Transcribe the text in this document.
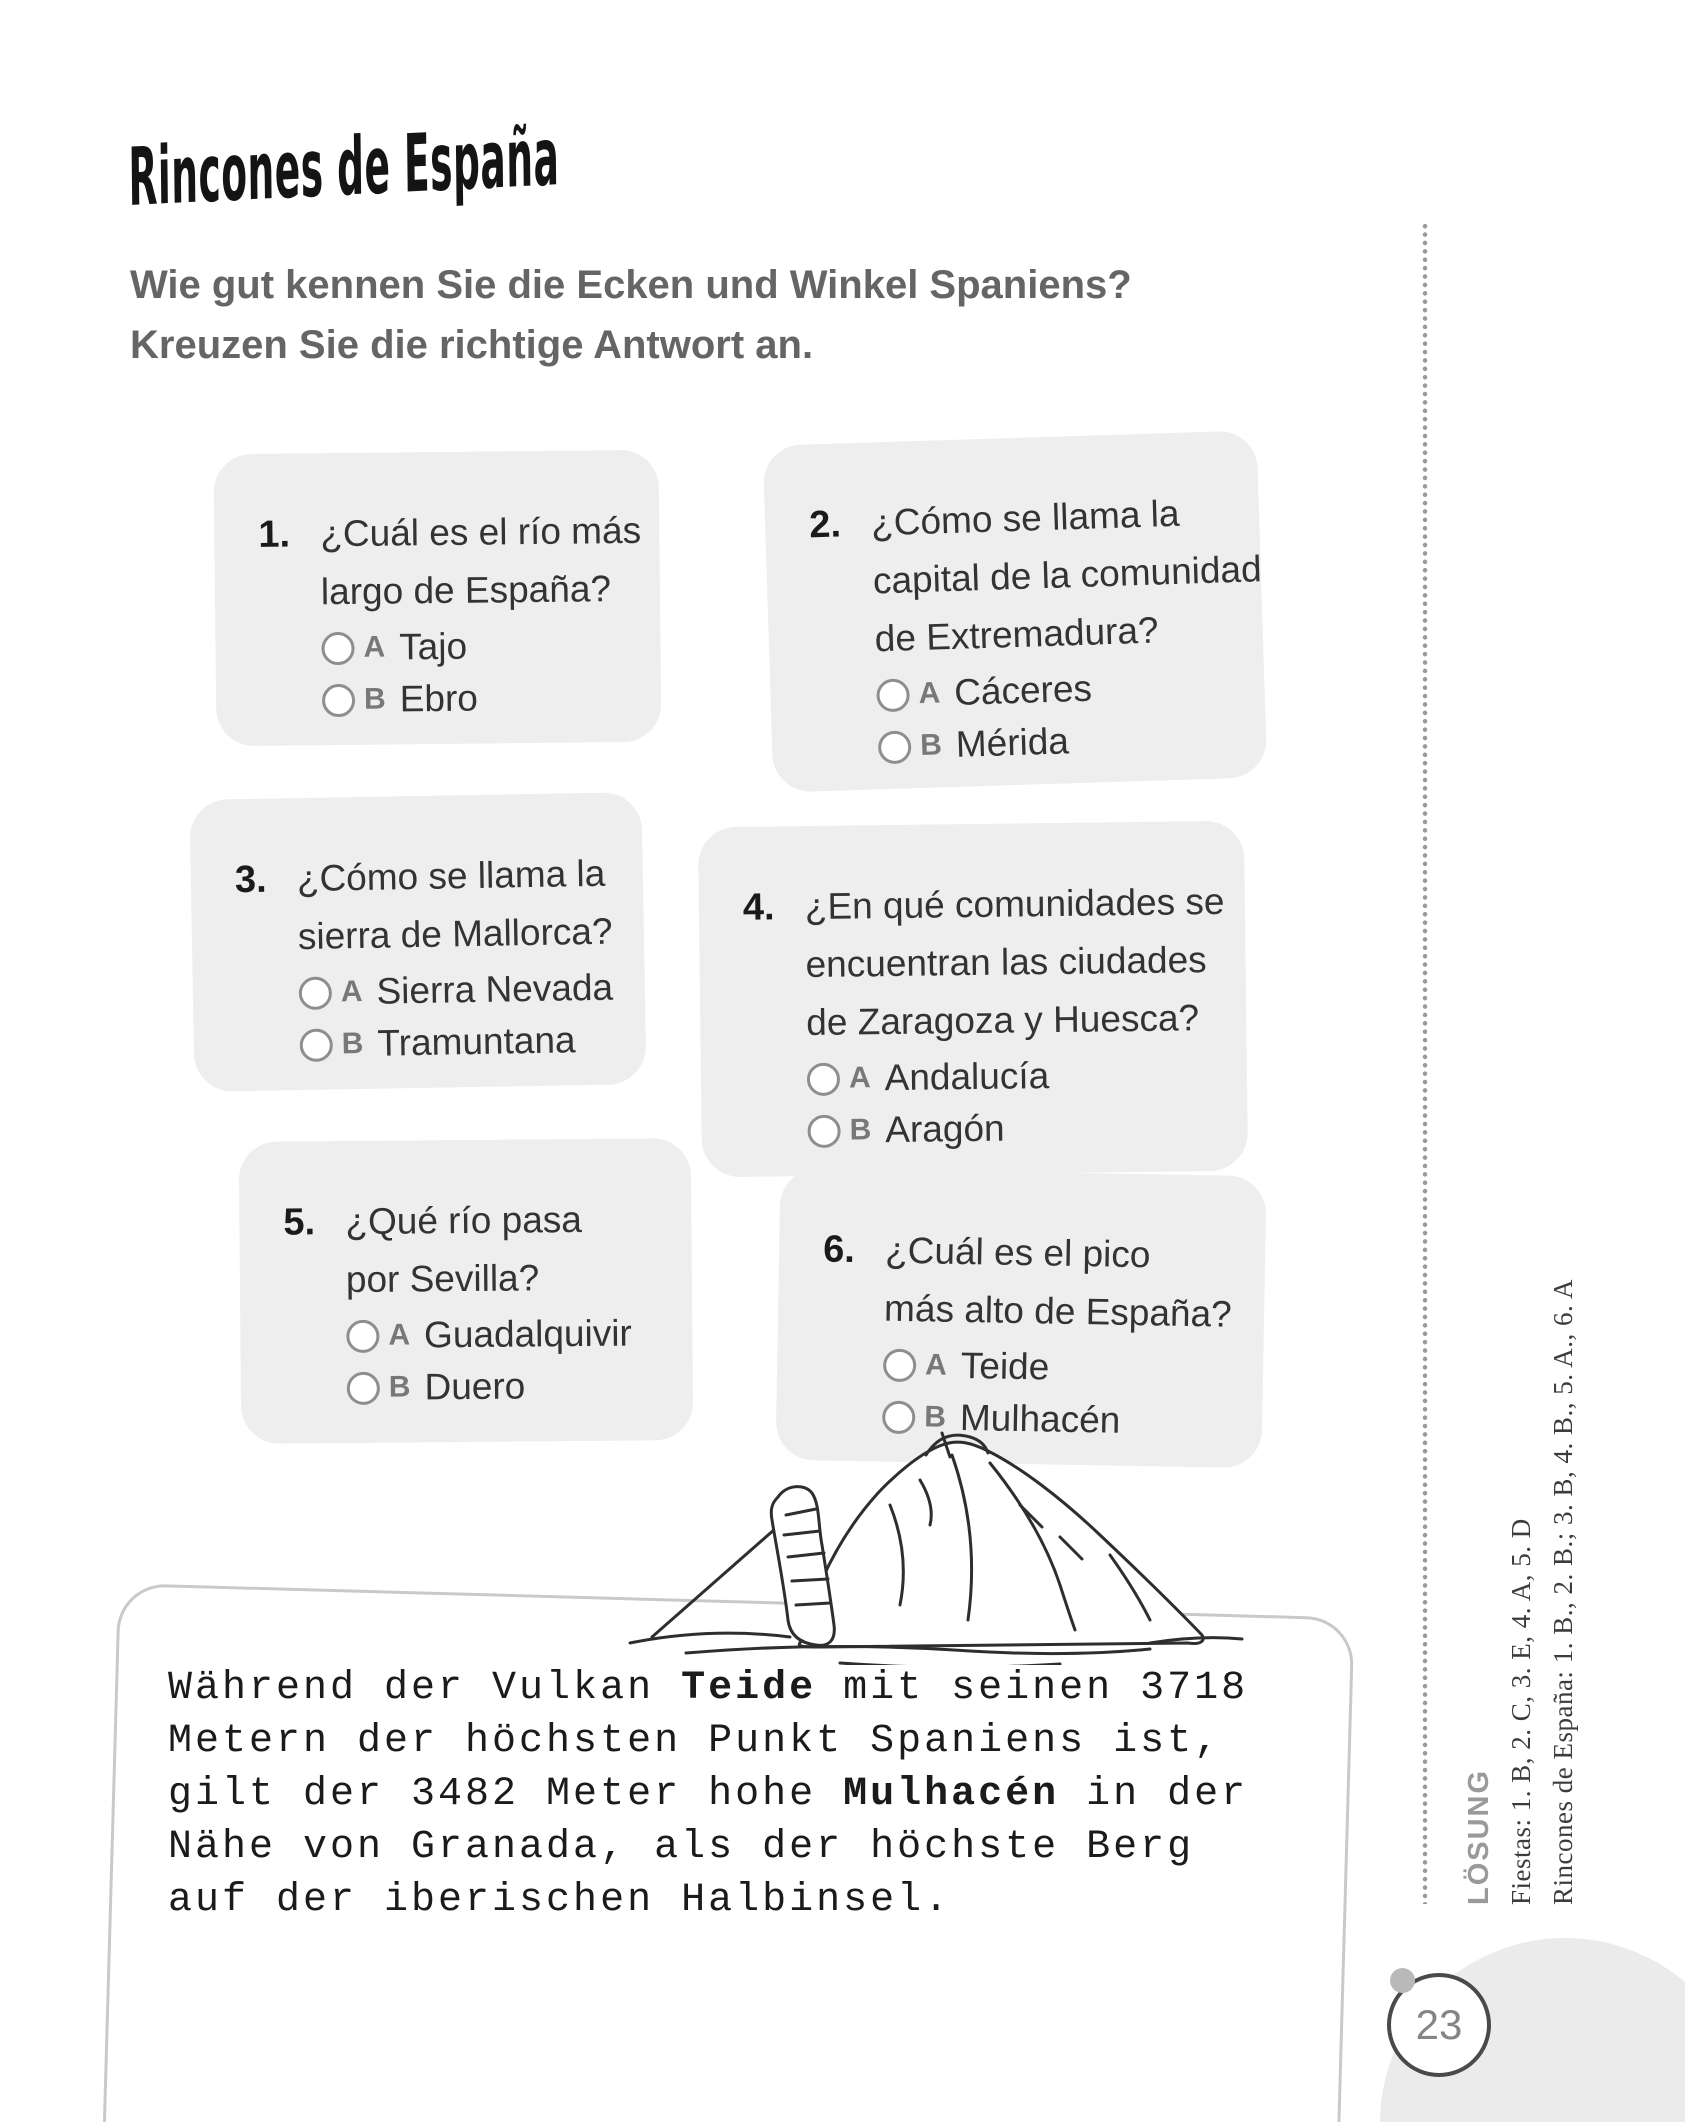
Rincones de España
Wie gut kennen Sie die Ecken und Winkel Spaniens?
Kreuzen Sie die richtige Antwort an.
1. ¿Cuál es el río más
largo de España?
A Tajo
B Ebro
2. ¿Cómo se llama la
capital de la comunidad
de Extremadura?
A Cáceres
B Mérida
3. ¿Cómo se llama la
sierra de Mallorca?
A Sierra Nevada
B Tramuntana
4. ¿En qué comunidades se
encuentran las ciudades
de Zaragoza y Huesca?
A Andalucía
B Aragón
5. ¿Qué río pasa
por Sevilla?
A Guadalquivir
B Duero
6. ¿Cuál es el pico
más alto de España?
A Teide
B Mulhacén
Während der Vulkan Teide mit seinen 3718
Metern der höchsten Punkt Spaniens ist,
gilt der 3482 Meter hohe Mulhacén in der
Nähe von Granada, als der höchste Berg
auf der iberischen Halbinsel.	LÖSUNG Fiestas: 1. B, 2. C, 3. E, 4. A, 5. D Rincones de España: 1. B., 2. B.; 3. B, 4. B., 5. A., 6. A
23
